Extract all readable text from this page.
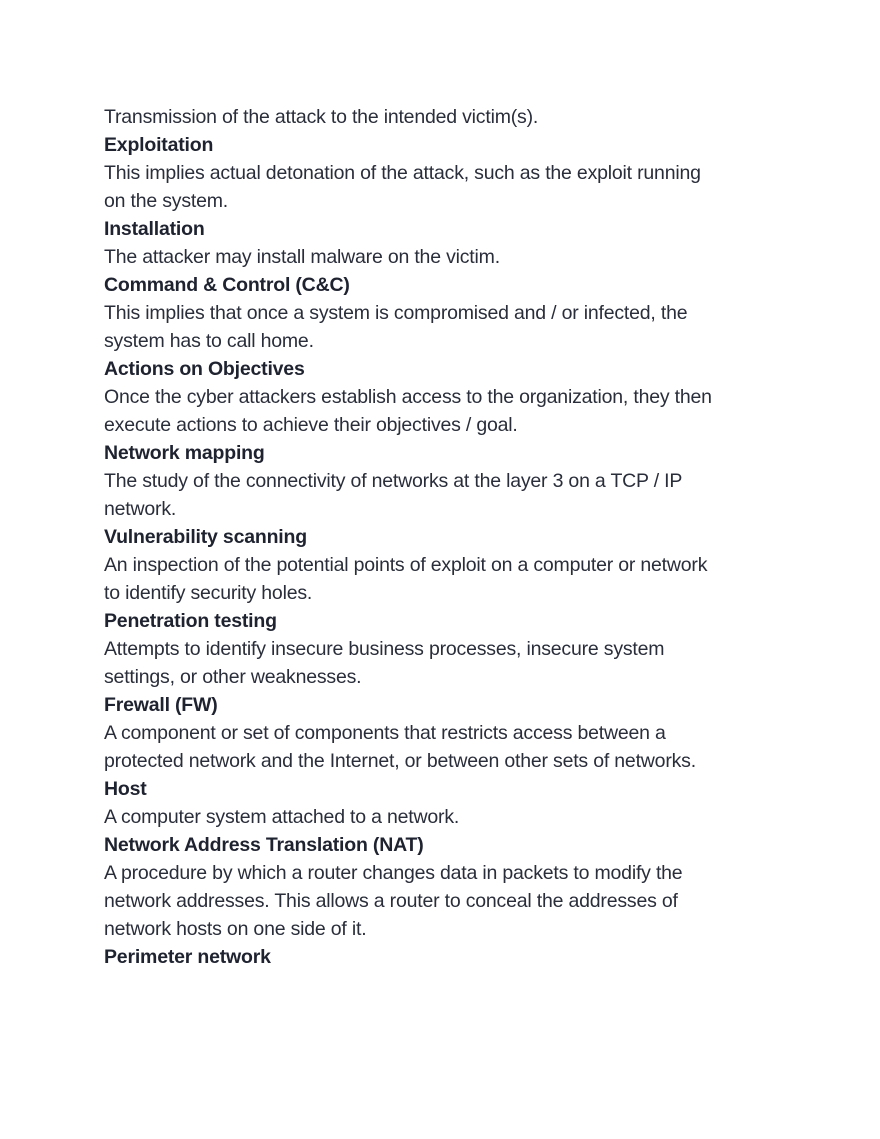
Transmission of the attack to the intended victim(s).

Exploitation

This implies actual detonation of the attack, such as the exploit running

on the system.

Installation

The attacker may install malware on the victim.

Command & Control (C&C)

This implies that once a system is compromised and / or infected, the

system has to call home.

Actions on Objectives

Once the cyber attackers establish access to the organization, they then

execute actions to achieve their objectives / goal.

Network mapping

The study of the connectivity of networks at the layer 3 on a TCP / IP

network.

Vulnerability scanning

An inspection of the potential points of exploit on a computer or network

to identify security holes.

Penetration testing

Attempts to identify insecure business processes, insecure system

settings, or other weaknesses.

Frewall (FW)

A component or set of components that restricts access between a

protected network and the Internet, or between other sets of networks.

Host

A computer system attached to a network.

Network Address Translation (NAT)

A procedure by which a router changes data in packets to modify the

network addresses. This allows a router to conceal the addresses of

network hosts on one side of it.

Perimeter network
